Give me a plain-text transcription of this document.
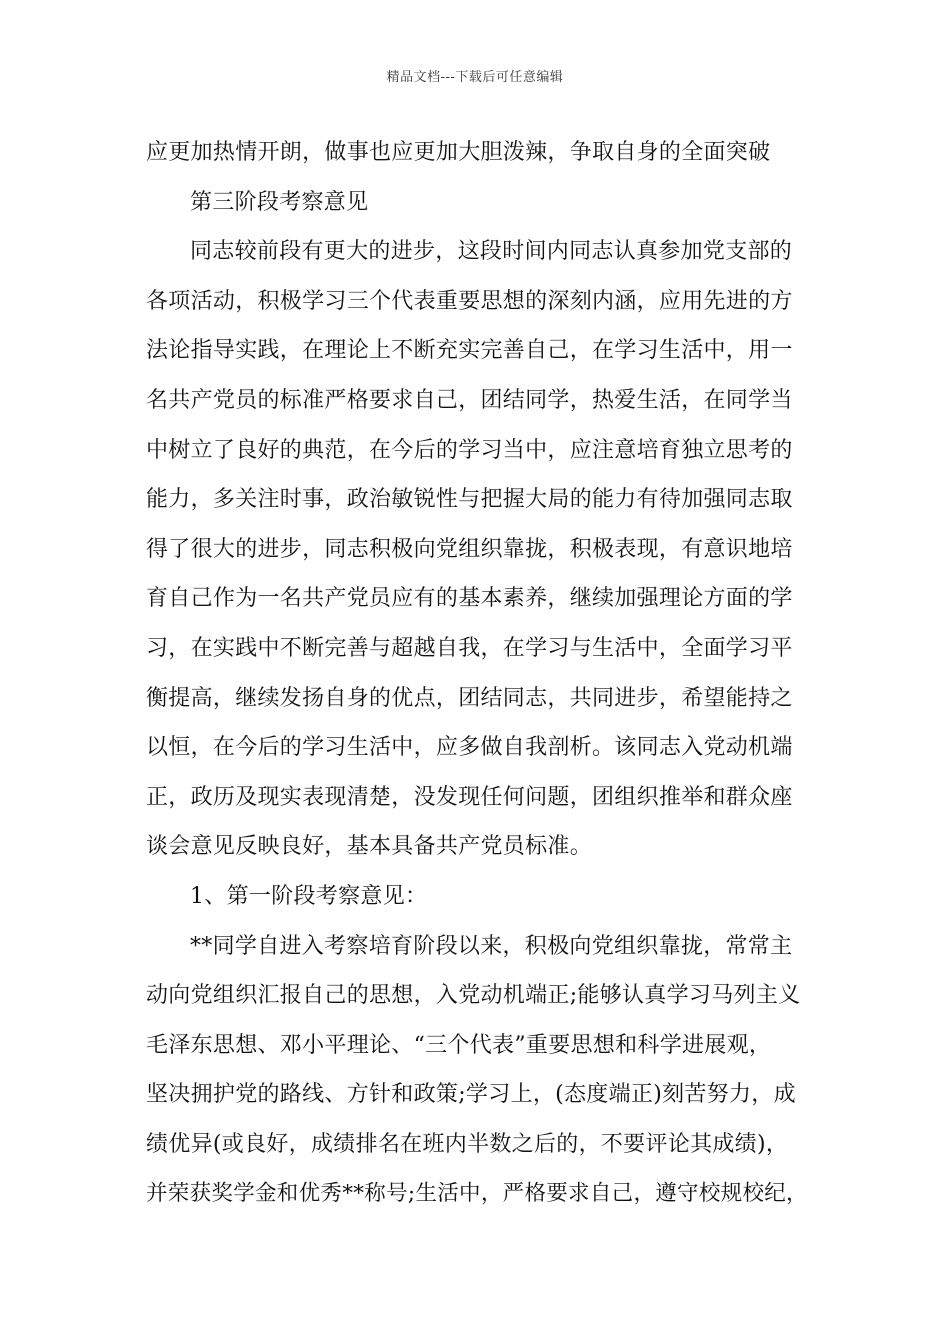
精品文档---下载后可任意编辑
应更加热情开朗，做事也应更加大胆泼辣，争取自身的全面突破
第三阶段考察意见
同志较前段有更大的进步，这段时间内同志认真参加党支部的
各项活动，积极学习三个代表重要思想的深刻内涵，应用先进的方
法论指导实践，在理论上不断充实完善自己，在学习生活中，用一
名共产党员的标准严格要求自己，团结同学，热爱生活，在同学当
中树立了良好的典范，在今后的学习当中，应注意培育独立思考的
能力，多关注时事，政治敏锐性与把握大局的能力有待加强同志取
得了很大的进步，同志积极向党组织靠拢，积极表现，有意识地培
育自己作为一名共产党员应有的基本素养，继续加强理论方面的学
习，在实践中不断完善与超越自我，在学习与生活中，全面学习平
衡提高，继续发扬自身的优点，团结同志，共同进步，希望能持之
以恒，在今后的学习生活中，应多做自我剖析。该同志入党动机端
正，政历及现实表现清楚，没发现任何问题，团组织推举和群众座
谈会意见反映良好，基本具备共产党员标准。
1、第一阶段考察意见：
**同学自进入考察培育阶段以来，积极向党组织靠拢，常常主
动向党组织汇报自己的思想，入党动机端正;能够认真学习马列主义
毛泽东思想、邓小平理论、“三个代表”重要思想和科学进展观，
坚决拥护党的路线、方针和政策;学习上，(态度端正)刻苦努力，成
绩优异(或良好，成绩排名在班内半数之后的，不要评论其成绩)，
并荣获奖学金和优秀**称号;生活中，严格要求自己，遵守校规校纪，
